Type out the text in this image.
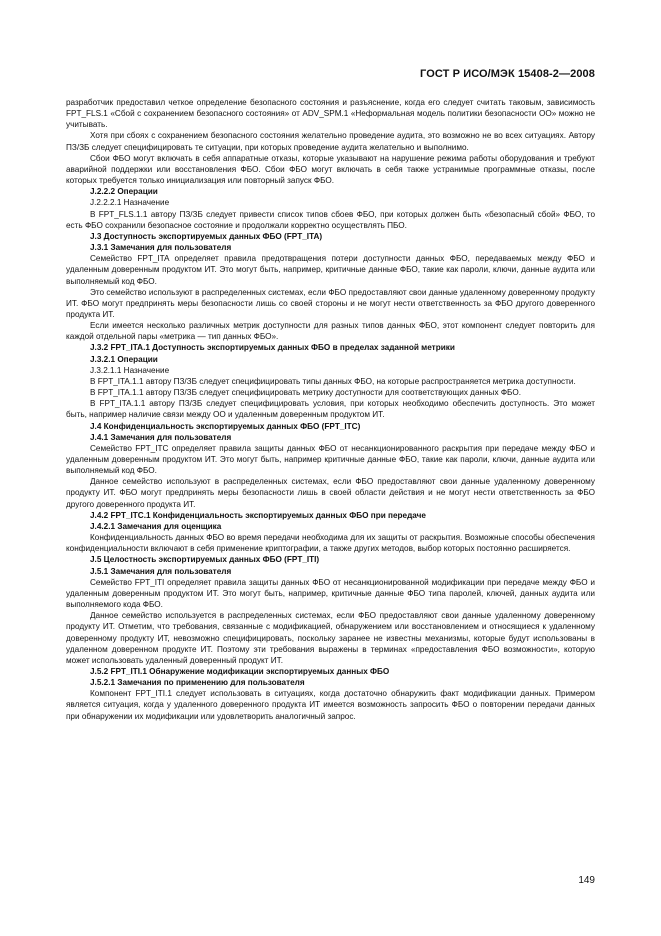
ГОСТ Р ИСО/МЭК 15408-2—2008

разработчик предоставил четкое определение безопасного состояния и разъяснение, когда его следует считать таковым, зависимость FPT_FLS.1 «Сбой с сохранением безопасного состояния» от ADV_SPM.1 «Неформальная модель политики безопасности ОО» можно не учитывать.

Хотя при сбоях с сохранением безопасного состояния желательно проведение аудита, это возможно не во всех ситуациях. Автору ПЗ/ЗБ следует специфицировать те ситуации, при которых проведение аудита желательно и выполнимо.

Сбои ФБО могут включать в себя аппаратные отказы, которые указывают на нарушение режима работы оборудования и требуют аварийной поддержки или восстановления ФБО. Сбои ФБО могут включать в себя также устранимые программные отказы, после которых требуется только инициализация или повторный запуск ФБО.

J.2.2.2 Операции

J.2.2.2.1 Назначение

В FPT_FLS.1.1 автору ПЗ/ЗБ следует привести список типов сбоев ФБО, при которых должен быть «безопасный сбой» ФБО, то есть ФБО сохранили безопасное состояние и продолжали корректно осуществлять ПБО.

J.3 Доступность экспортируемых данных ФБО (FPT_ITA)

J.3.1 Замечания для пользователя

Семейство FPT_ITA определяет правила предотвращения потери доступности данных ФБО, передаваемых между ФБО и удаленным доверенным продуктом ИТ. Это могут быть, например, критичные данные ФБО, такие как пароли, ключи, данные аудита или выполняемый код ФБО.

Это семейство используют в распределенных системах, если ФБО предоставляют свои данные удаленному доверенному продукту ИТ. ФБО могут предпринять меры безопасности лишь со своей стороны и не могут нести ответственность за ФБО другого доверенного продукта ИТ.

Если имеется несколько различных метрик доступности для разных типов данных ФБО, этот компонент следует повторить для каждой отдельной пары «метрика — тип данных ФБО».

J.3.2 FPT_ITA.1 Доступность экспортируемых данных ФБО в пределах заданной метрики

J.3.2.1 Операции

J.3.2.1.1 Назначение

В FPT_ITA.1.1 автору ПЗ/ЗБ следует специфицировать типы данных ФБО, на которые распространяется метрика доступности.

В FPT_ITA.1.1 автору ПЗ/ЗБ следует специфицировать метрику доступности для соответствующих данных ФБО.

В FPT_ITA.1.1 автору ПЗ/ЗБ следует специфицировать условия, при которых необходимо обеспечить доступность. Это может быть, например наличие связи между ОО и удаленным доверенным продуктом ИТ.

J.4 Конфиденциальность экспортируемых данных ФБО (FPT_ITC)

J.4.1 Замечания для пользователя

Семейство FPT_ITC определяет правила защиты данных ФБО от несанкционированного раскрытия при передаче между ФБО и удаленным доверенным продуктом ИТ. Это могут быть, например критичные данные ФБО, такие как пароли, ключи, данные аудита или выполняемый код ФБО.

Данное семейство используют в распределенных системах, если ФБО предоставляют свои данные удаленному доверенному продукту ИТ. ФБО могут предпринять меры безопасности лишь в своей области действия и не могут нести ответственность за ФБО другого доверенного продукта ИТ.

J.4.2 FPT_ITC.1 Конфиденциальность экспортируемых данных ФБО при передаче

J.4.2.1 Замечания для оценщика

Конфиденциальность данных ФБО во время передачи необходима для их защиты от раскрытия. Возможные способы обеспечения конфиденциальности включают в себя применение криптографии, а также других методов, выбор которых постоянно расширяется.

J.5 Целостность экспортируемых данных ФБО (FPT_ITI)

J.5.1 Замечания для пользователя

Семейство FPT_ITI определяет правила защиты данных ФБО от несанкционированной модификации при передаче между ФБО и удаленным доверенным продуктом ИТ. Это могут быть, например, критичные данные ФБО типа паролей, ключей, данных аудита или выполняемого кода ФБО.

Данное семейство используется в распределенных системах, если ФБО предоставляют свои данные удаленному доверенному продукту ИТ. Отметим, что требования, связанные с модификацией, обнаружением или восстановлением и относящиеся к удаленному доверенному продукту ИТ, невозможно специфицировать, поскольку заранее не известны механизмы, которые будут использованы в удаленном доверенном продукте ИТ. Поэтому эти требования выражены в терминах «предоставления ФБО возможности», которую может использовать удаленный доверенный продукт ИТ.

J.5.2 FPT_ITI.1 Обнаружение модификации экспортируемых данных ФБО

J.5.2.1 Замечания по применению для пользователя

Компонент FPT_ITI.1 следует использовать в ситуациях, когда достаточно обнаружить факт модификации данных. Примером является ситуация, когда у удаленного доверенного продукта ИТ имеется возможность запросить ФБО о повторении передачи данных при обнаружении их модификации или удовлетворить аналогичный запрос.

149
